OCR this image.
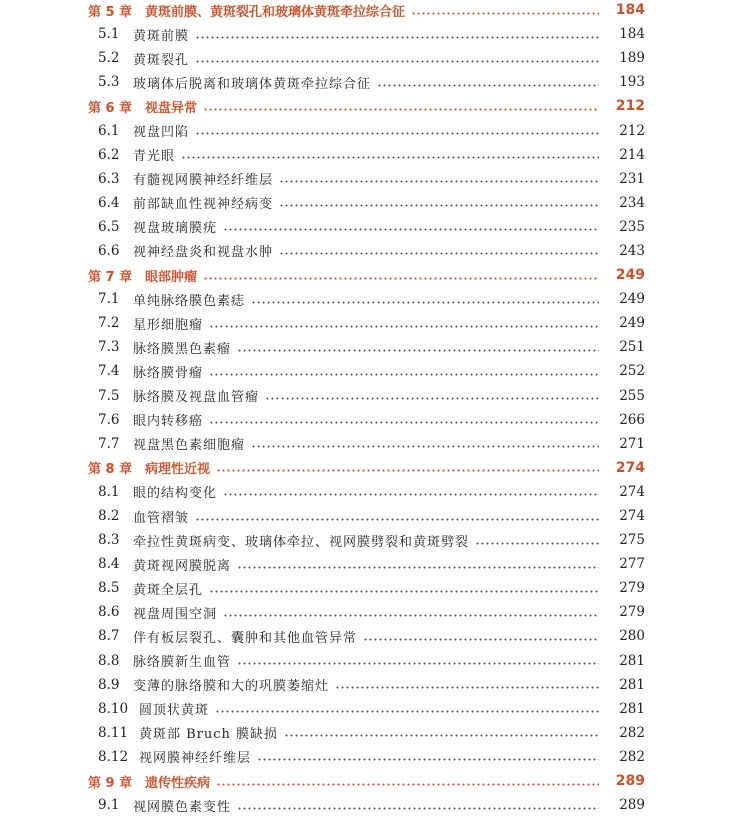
第 5 章 黄斑前膜、黄斑裂孔和玻璃体黄斑牵拉综合征	184
5.1	黄斑前膜	184
5.2	黄斑裂孔	189
5.3	玻璃体后脱离和玻璃体黄斑牵拉综合征	193
第 6 章 视盘异常	212
6.1	视盘凹陷	212
6.2	青光眼	214
6.3	有髓视网膜神经纤维层	231
6.4	前部缺血性视神经病变	234
6.5	视盘玻璃膜疣	235
6.6	视神经盘炎和视盘水肿	243
第 7 章 眼部肿瘤	249
7.1	单纯脉络膜色素痣	249
7.2	星形细胞瘤	249
7.3	脉络膜黑色素瘤	251
7.4	脉络膜骨瘤	252
7.5	脉络膜及视盘血管瘤	255
7.6	眼内转移癌	266
7.7	视盘黑色素细胞瘤	271
第 8 章 病理性近视	274
8.1	眼的结构变化	274
8.2	血管褶皱	274
8.3	牵拉性黄斑病变、玻璃体牵拉、视网膜劈裂和黄斑劈裂	275
8.4	黄斑视网膜脱离	277
8.5	黄斑全层孔	279
8.6	视盘周围空洞	279
8.7	伴有板层裂孔、囊肿和其他血管异常	280
8.8	脉络膜新生血管	281
8.9	变薄的脉络膜和大的巩膜萎缩灶	281
8.10 圆顶状黄斑	281
8.11 黄斑部 Bruch 膜缺损	282
8.12 视网膜神经纤维层	282
第 9 章 遗传性疾病	289
9.1	视网膜色素变性	289
